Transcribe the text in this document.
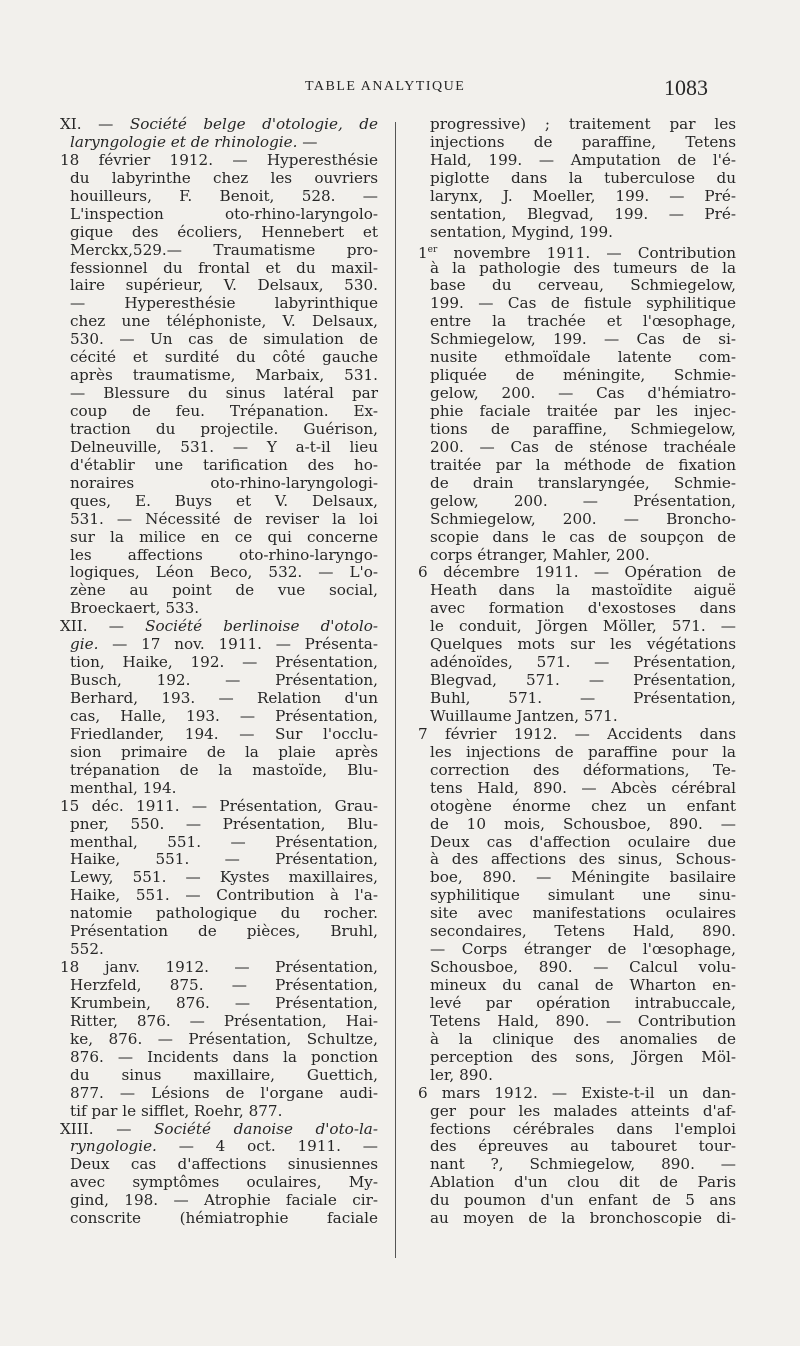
TABLE ANALYTIQUE	1083
XI. — Société belge d'otologie, de
laryngologie et de rhinologie. —
18 février 1912. — Hyperesthésie
du labyrinthe chez les ouvriers
houilleurs, F. Benoit, 528. —
L'inspection oto-rhino-laryngolo-
gique des écoliers, Hennebert et
Merckx,529.— Traumatisme pro-
fessionnel du frontal et du maxil-
laire supérieur, V. Delsaux, 530.
— Hyperesthésie labyrinthique
chez une téléphoniste, V. Delsaux,
530. — Un cas de simulation de
cécité et surdité du côté gauche
après traumatisme, Marbaix, 531.
— Blessure du sinus latéral par
coup de feu. Trépanation. Ex-
traction du projectile. Guérison,
Delneuville, 531. — Y a-t-il lieu
d'établir une tarification des ho-
noraires oto-rhino-laryngologi-
ques, E. Buys et V. Delsaux,
531. — Nécessité de reviser la loi
sur la milice en ce qui concerne
les affections oto-rhino-laryngo-
logiques, Léon Beco, 532. — L'o-
zène au point de vue social,
Broeckaert, 533.
XII. — Société berlinoise d'otolo-
gie. — 17 nov. 1911. — Présenta-
tion, Haike, 192. — Présentation,
Busch, 192. — Présentation,
Berhard, 193. — Relation d'un
cas, Halle, 193. — Présentation,
Friedlander, 194. — Sur l'occlu-
sion primaire de la plaie après
trépanation de la mastoïde, Blu-
menthal, 194.
15 déc. 1911. — Présentation, Grau-
pner, 550. — Présentation, Blu-
menthal, 551. — Présentation,
Haike, 551. — Présentation,
Lewy, 551. — Kystes maxillaires,
Haike, 551. — Contribution à l'a-
natomie pathologique du rocher.
Présentation de pièces, Bruhl,
552.
18 janv. 1912. — Présentation,
Herzfeld, 875. — Présentation,
Krumbein, 876. — Présentation,
Ritter, 876. — Présentation, Hai-
ke, 876. — Présentation, Schultze,
876. — Incidents dans la ponction
du sinus maxillaire, Guettich,
877. — Lésions de l'organe audi-
tif par le sifflet, Roehr, 877.
XIII. — Société danoise d'oto-la-
ryngologie. — 4 oct. 1911. —
Deux cas d'affections sinusiennes
avec symptômes oculaires, My-
gind, 198. — Atrophie faciale cir-
conscrite (hémiatrophie faciale
progressive) ; traitement par les
injections de paraffine, Tetens
Hald, 199. — Amputation de l'é-
piglotte dans la tuberculose du
larynx, J. Moeller, 199. — Pré-
sentation, Blegvad, 199. — Pré-
sentation, Mygind, 199.
1er novembre 1911. — Contribution
à la pathologie des tumeurs de la
base du cerveau, Schmiegelow,
199. — Cas de fistule syphilitique
entre la trachée et l'œsophage,
Schmiegelow, 199. — Cas de si-
nusite ethmoïdale latente com-
pliquée de méningite, Schmie-
gelow, 200. — Cas d'hémiatro-
phie faciale traitée par les injec-
tions de paraffine, Schmiegelow,
200. — Cas de sténose trachéale
traitée par la méthode de fixation
de drain translaryngée, Schmie-
gelow, 200. — Présentation,
Schmiegelow, 200. — Broncho-
scopie dans le cas de soupçon de
corps étranger, Mahler, 200.
6 décembre 1911. — Opération de
Heath dans la mastoïdite aiguë
avec formation d'exostoses dans
le conduit, Jörgen Möller, 571. —
Quelques mots sur les végétations
adénoïdes, 571. — Présentation,
Blegvad, 571. — Présentation,
Buhl, 571. — Présentation,
Wuillaume Jantzen, 571.
7 février 1912. — Accidents dans
les injections de paraffine pour la
correction des déformations, Te-
tens Hald, 890. — Abcès cérébral
otogène énorme chez un enfant
de 10 mois, Schousboe, 890. —
Deux cas d'affection oculaire due
à des affections des sinus, Schous-
boe, 890. — Méningite basilaire
syphilitique simulant une sinu-
site avec manifestations oculaires
secondaires, Tetens Hald, 890.
— Corps étranger de l'œsophage,
Schousboe, 890. — Calcul volu-
mineux du canal de Wharton en-
levé par opération intrabuccale,
Tetens Hald, 890. — Contribution
à la clinique des anomalies de
perception des sons, Jörgen Möl-
ler, 890.
6 mars 1912. — Existe-t-il un dan-
ger pour les malades atteints d'af-
fections cérébrales dans l'emploi
des épreuves au tabouret tour-
nant ?, Schmiegelow, 890. —
Ablation d'un clou dit de Paris
du poumon d'un enfant de 5 ans
au moyen de la bronchoscopie di-
